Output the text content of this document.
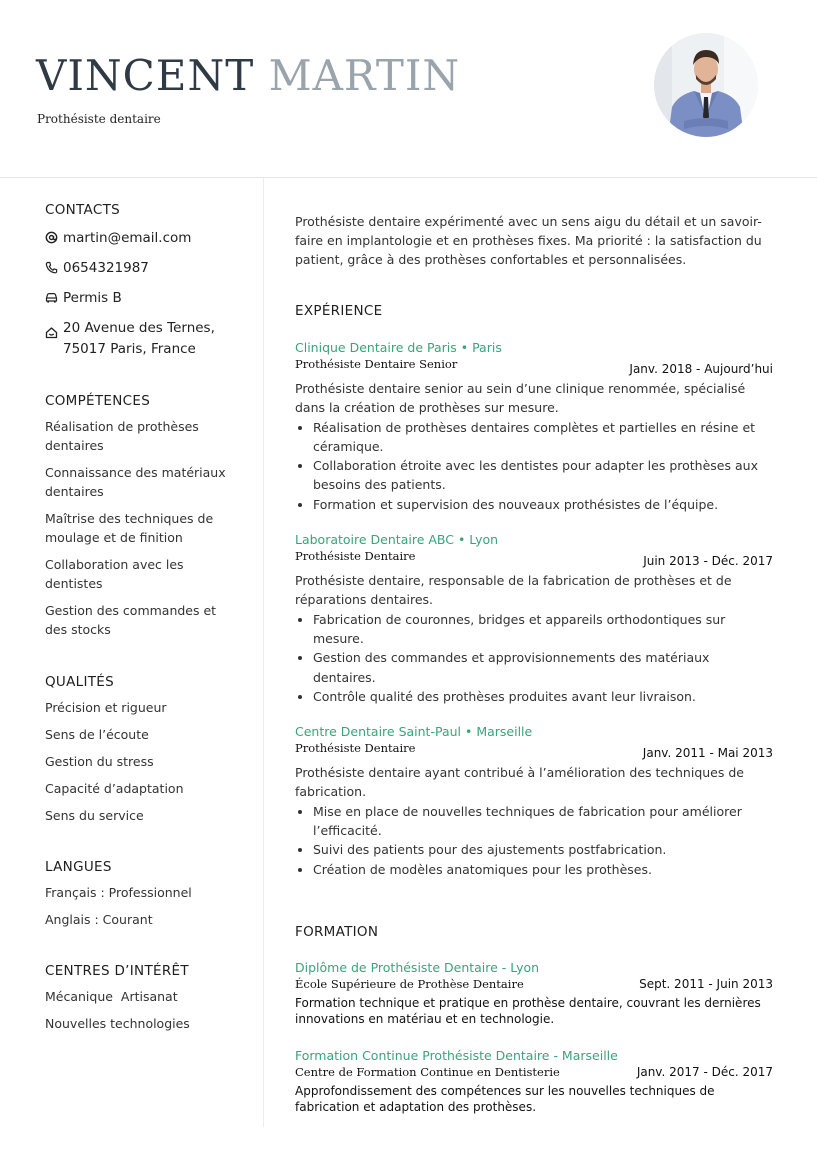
VINCENT MARTIN
Prothésiste dentaire
CONTACTS
martin@email.com
0654321987
Permis B
20 Avenue des Ternes, 75017 Paris, France
COMPÉTENCES
Réalisation de prothèses dentaires
Connaissance des matériaux dentaires
Maîtrise des techniques de moulage et de finition
Collaboration avec les dentistes
Gestion des commandes et des stocks
QUALITÉS
Précision et rigueur
Sens de l’écoute
Gestion du stress
Capacité d’adaptation
Sens du service
LANGUES
Français : Professionnel
Anglais : Courant
CENTRES D’INTÉRÊT
Mécanique  Artisanat
Nouvelles technologies

Prothésiste dentaire expérimenté avec un sens aigu du détail et un savoir-faire en implantologie et en prothèses fixes. Ma priorité : la satisfaction du patient, grâce à des prothèses confortables et personnalisées.

EXPÉRIENCE
Clinique Dentaire de Paris • Paris
Prothésiste Dentaire Senior	Janv. 2018 - Aujourd’hui
Prothésiste dentaire senior au sein d’une clinique renommée, spécialisé dans la création de prothèses sur mesure.
• Réalisation de prothèses dentaires complètes et partielles en résine et céramique.
• Collaboration étroite avec les dentistes pour adapter les prothèses aux besoins des patients.
• Formation et supervision des nouveaux prothésistes de l’équipe.
Laboratoire Dentaire ABC • Lyon
Prothésiste Dentaire	Juin 2013 - Déc. 2017
Prothésiste dentaire, responsable de la fabrication de prothèses et de réparations dentaires.
• Fabrication de couronnes, bridges et appareils orthodontiques sur mesure.
• Gestion des commandes et approvisionnements des matériaux dentaires.
• Contrôle qualité des prothèses produites avant leur livraison.
Centre Dentaire Saint-Paul • Marseille
Prothésiste Dentaire	Janv. 2011 - Mai 2013
Prothésiste dentaire ayant contribué à l’amélioration des techniques de fabrication.
• Mise en place de nouvelles techniques de fabrication pour améliorer l’efficacité.
• Suivi des patients pour des ajustements postfabrication.
• Création de modèles anatomiques pour les prothèses.
FORMATION
Diplôme de Prothésiste Dentaire - Lyon
École Supérieure de Prothèse Dentaire	Sept. 2011 - Juin 2013
Formation technique et pratique en prothèse dentaire, couvrant les dernières innovations en matériau et en technologie.
Formation Continue Prothésiste Dentaire - Marseille
Centre de Formation Continue en Dentisterie	Janv. 2017 - Déc. 2017
Approfondissement des compétences sur les nouvelles techniques de fabrication et adaptation des prothèses.
